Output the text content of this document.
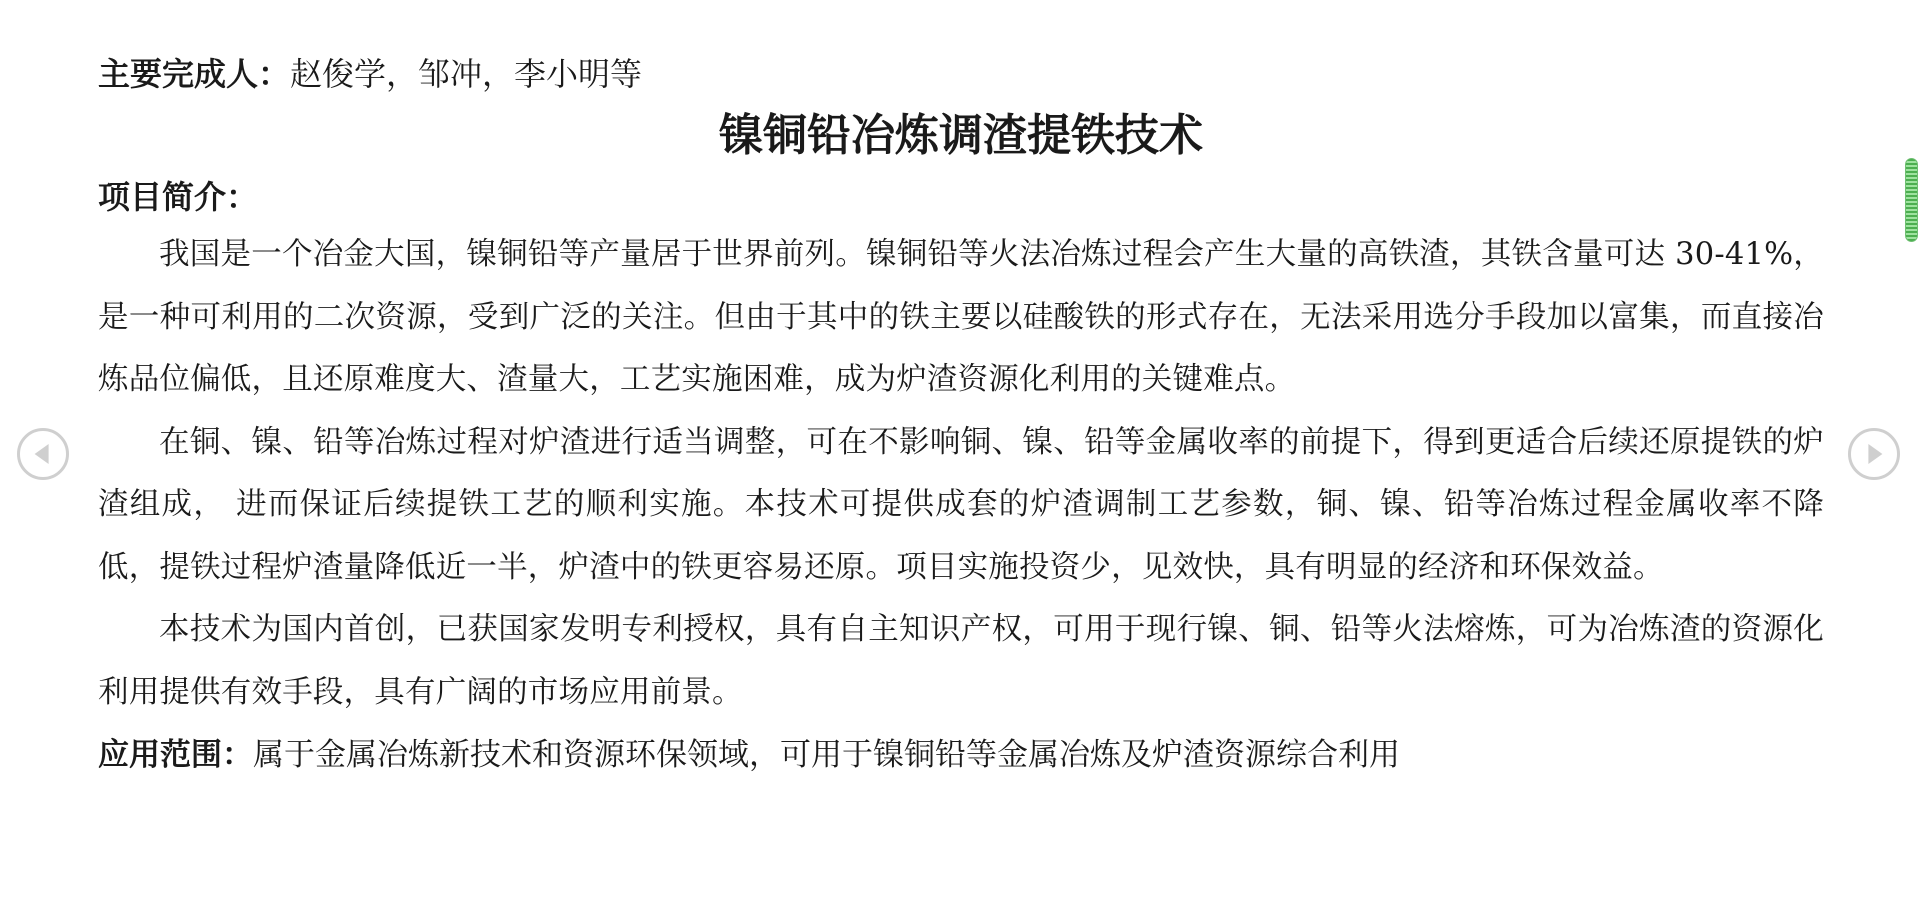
主要完成人：赵俊学，邹冲，李小明等
镍铜铅冶炼调渣提铁技术
项目简介：

我国是一个冶金大国，镍铜铅等产量居于世界前列。镍铜铅等火法冶炼过程会产生大量的高铁渣，其铁含量可达 30-41%，是一种可利用的二次资源，受到广泛的关注。但由于其中的铁主要以硅酸铁的形式存在，无法采用选分手段加以富集，而直接冶炼品位偏低，且还原难度大、渣量大，工艺实施困难，成为炉渣资源化利用的关键难点。

在铜、镍、铅等冶炼过程对炉渣进行适当调整，可在不影响铜、镍、铅等金属收率的前提下，得到更适合后续还原提铁的炉渣组成， 进而保证后续提铁工艺的顺利实施。本技术可提供成套的炉渣调制工艺参数，铜、镍、铅等冶炼过程金属收率不降低，提铁过程炉渣量降低近一半，炉渣中的铁更容易还原。项目实施投资少，见效快，具有明显的经济和环保效益。

本技术为国内首创，已获国家发明专利授权，具有自主知识产权，可用于现行镍、铜、铅等火法熔炼，可为冶炼渣的资源化利用提供有效手段，具有广阔的市场应用前景。

应用范围：属于金属冶炼新技术和资源环保领域，可用于镍铜铅等金属冶炼及炉渣资源综合利用
